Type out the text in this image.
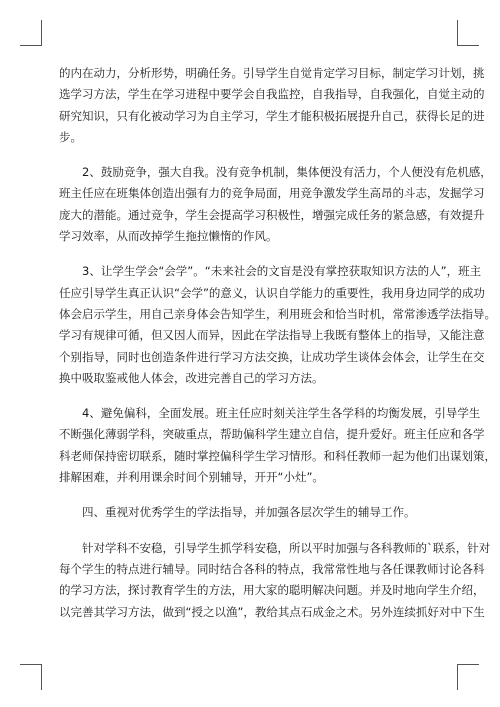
的内在动力，分析形势，明确任务。引导学生自觉肯定学习目标，制定学习计划，挑
选学习方法，学生在学习进程中要学会自我监控，自我指导，自我强化，自觉主动的
研究知识，只有化被动学习为自主学习，学生才能积极拓展提升自己，获得长足的进
步。

　　2、鼓励竞争，强大自我。没有竞争机制，集体便没有活力，个人便没有危机感，
班主任应在班集体创造出强有力的竞争局面，用竞争激发学生高昂的斗志，发掘学习
庞大的潜能。通过竞争，学生会提高学习积极性，增强完成任务的紧急感，有效提升
学习效率，从而改掉学生拖拉懒惰的作风。

　　3、让学生学会“会学”。“未来社会的文盲是没有掌控获取知识方法的人”，班主
任应引导学生真正认识“会学”的意义，认识自学能力的重要性，我用身边同学的成功
体会启示学生，用自己亲身体会告知学生，利用班会和恰当时机，常常渗透学法指导。
学习有规律可循，但又因人而异，因此在学法指导上我既有整体上的指导，又能注意
个别指导，同时也创造条件进行学习方法交换，让成功学生谈体会体会，让学生在交
换中吸取鉴戒他人体会，改进完善自己的学习方法。

　　4、避免偏科，全面发展。班主任应时刻关注学生各学科的均衡发展，引导学生
不断强化薄弱学科，突破重点，帮助偏科学生建立自信，提升爱好。班主任应和各学
科老师保持密切联系，随时掌控偏科学生学习情形。和科任教师一起为他们出谋划策，
排解困难，并利用课余时间个别辅导，开开“小灶”。

　　四、重视对优秀学生的学法指导，并加强各层次学生的辅导工作。

　　针对学科不安稳，引导学生抓学科安稳，所以平时加强与各科教师的`联系，针对
每个学生的特点进行辅导。同时结合各科的特点，我常常性地与各任课教师讨论各科
的学习方法，探讨教育学生的方法，用大家的聪明解决问题。并及时地向学生介绍，
以完善其学习方法，做到“授之以渔”，教给其点石成金之术。另外连续抓好对中下生
